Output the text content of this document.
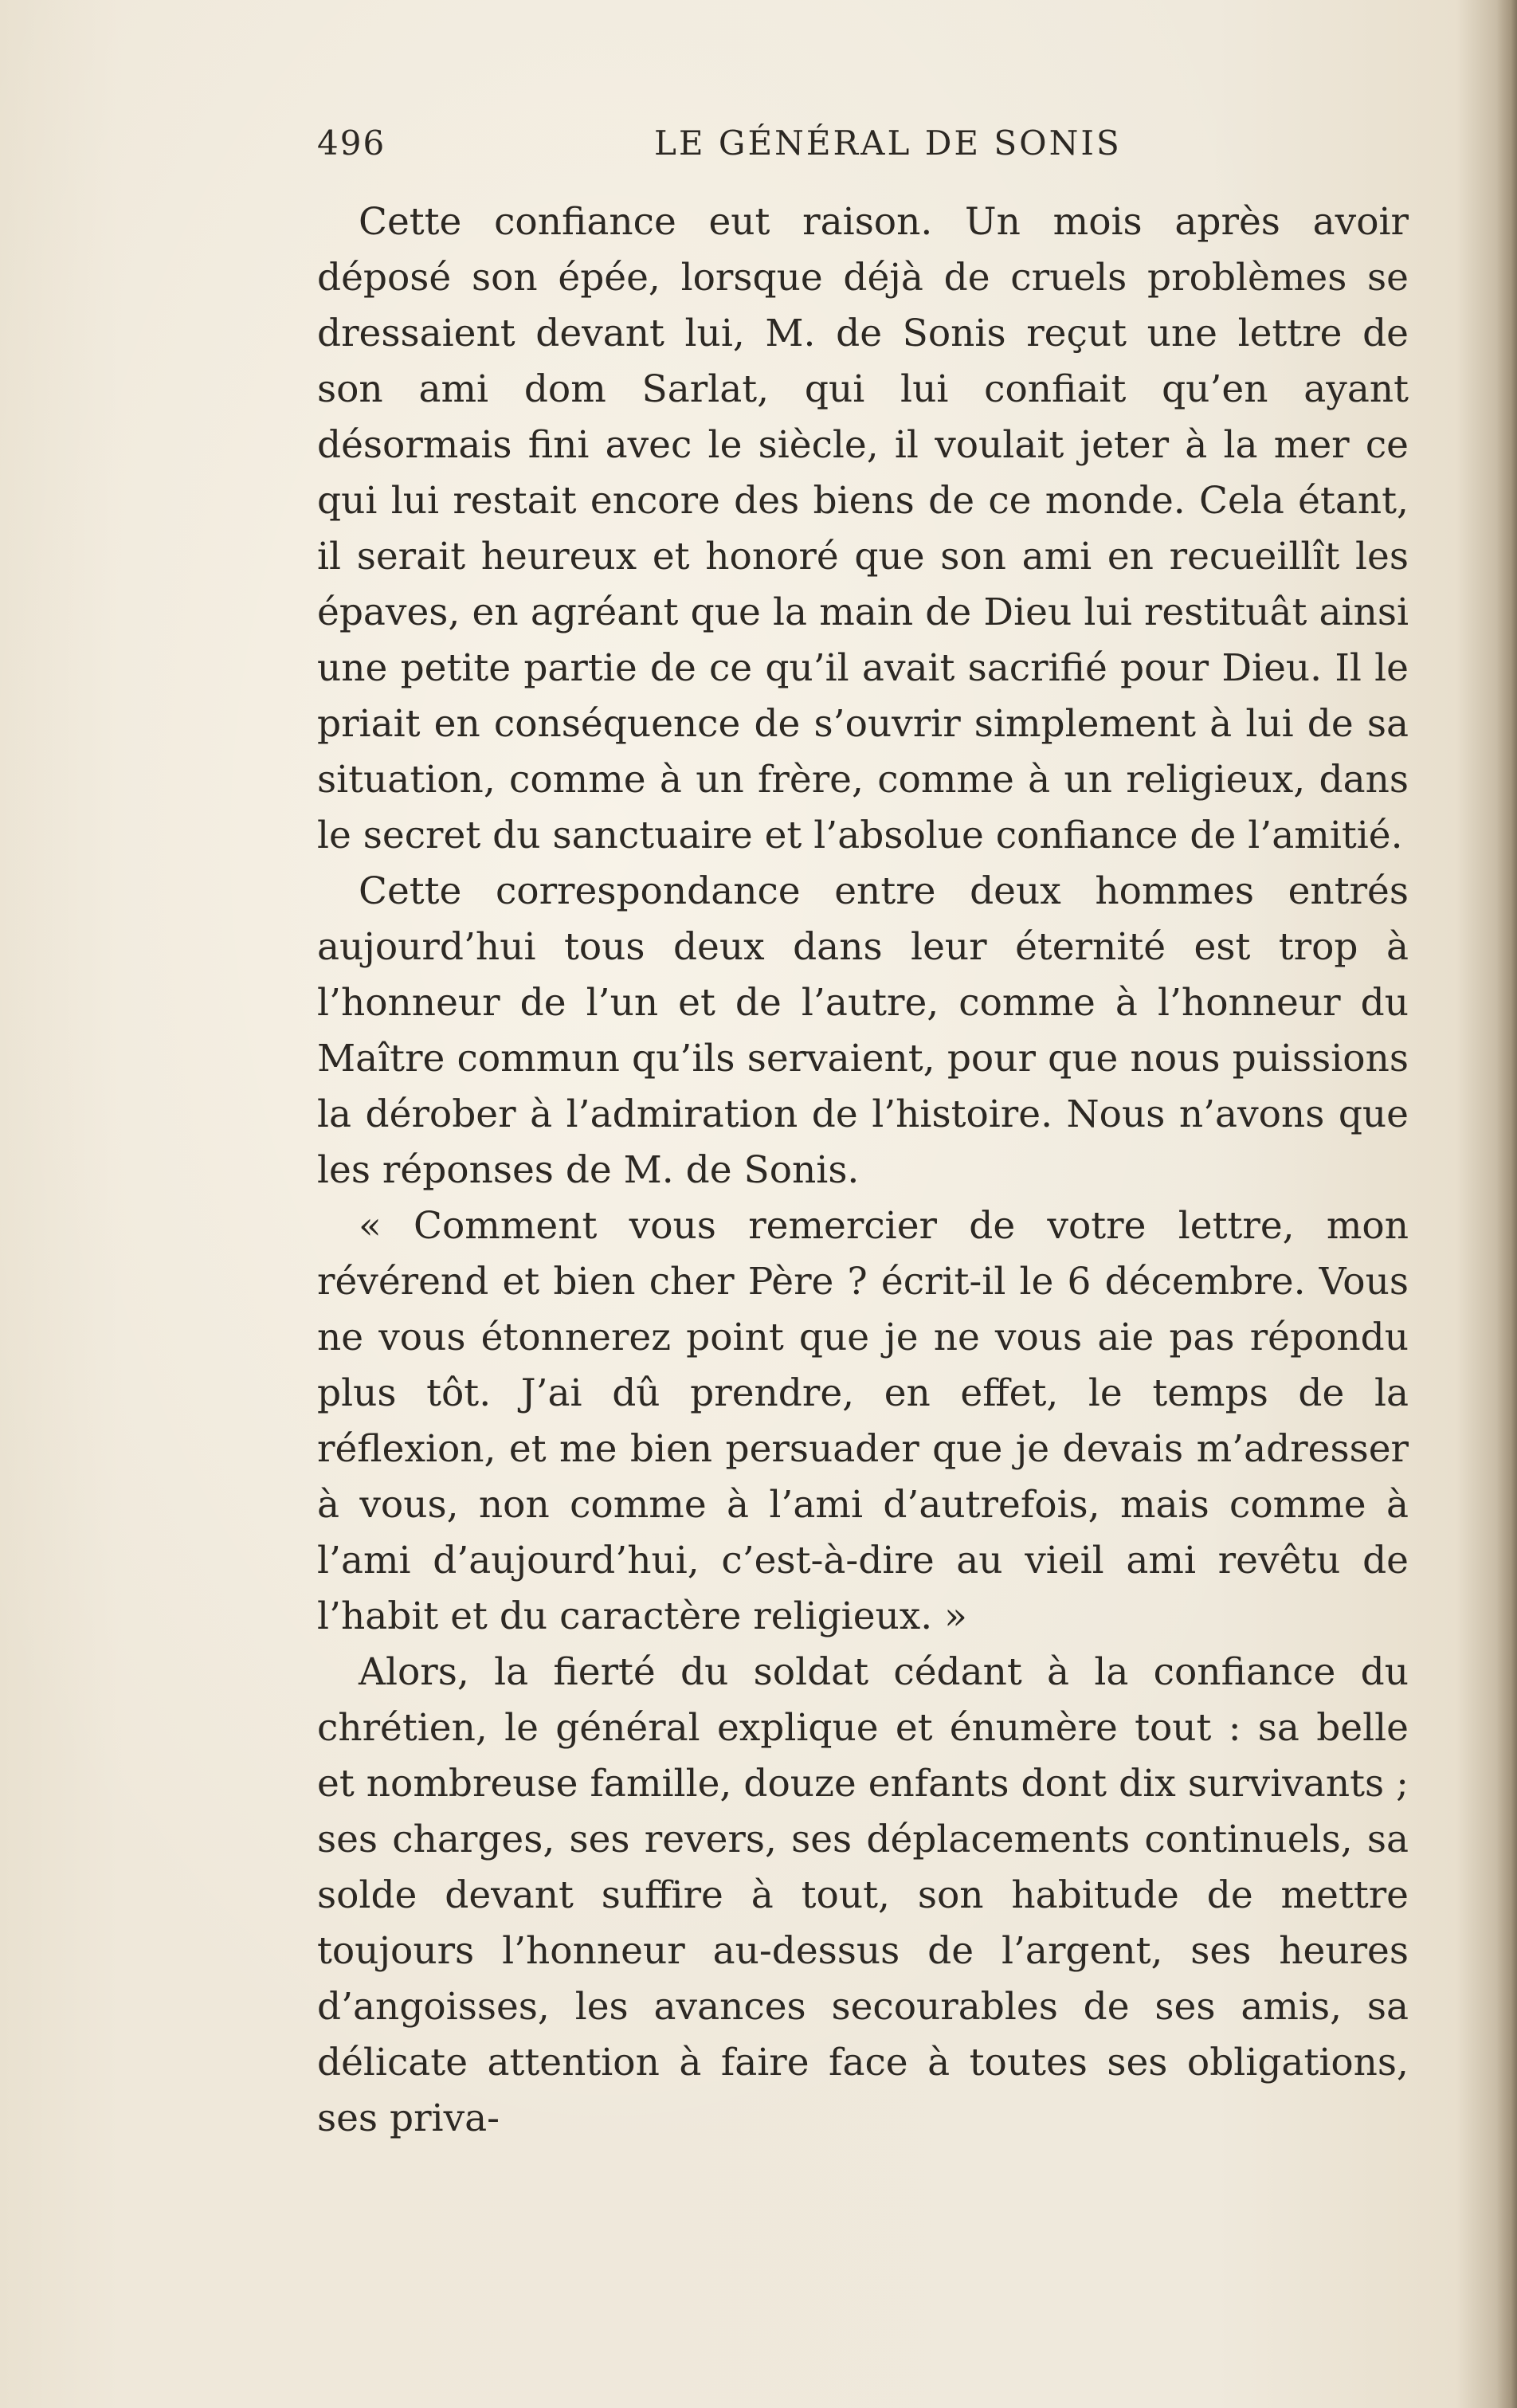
496	LE GÉNÉRAL DE SONIS

Cette confiance eut raison. Un mois après avoir déposé son épée, lorsque déjà de cruels problèmes se dressaient devant lui, M. de Sonis reçut une lettre de son ami dom Sarlat, qui lui confiait qu’en ayant désormais fini avec le siècle, il voulait jeter à la mer ce qui lui restait encore des biens de ce monde. Cela étant, il serait heureux et honoré que son ami en recueillît les épaves, en agréant que la main de Dieu lui restituât ainsi une petite partie de ce qu’il avait sacrifié pour Dieu. Il le priait en conséquence de s’ouvrir simplement à lui de sa situation, comme à un frère, comme à un religieux, dans le secret du sanctuaire et l’absolue confiance de l’amitié.

Cette correspondance entre deux hommes entrés aujourd’hui tous deux dans leur éternité est trop à l’honneur de l’un et de l’autre, comme à l’honneur du Maître commun qu’ils servaient, pour que nous puissions la dérober à l’admiration de l’histoire. Nous n’avons que les réponses de M. de Sonis.

« Comment vous remercier de votre lettre, mon révérend et bien cher Père ? écrit-il le 6 décembre. Vous ne vous étonnerez point que je ne vous aie pas répondu plus tôt. J’ai dû prendre, en effet, le temps de la réflexion, et me bien persuader que je devais m’adresser à vous, non comme à l’ami d’autrefois, mais comme à l’ami d’aujourd’hui, c’est-à-dire au vieil ami revêtu de l’habit et du caractère religieux. »

Alors, la fierté du soldat cédant à la confiance du chrétien, le général explique et énumère tout : sa belle et nombreuse famille, douze enfants dont dix survivants ; ses charges, ses revers, ses déplacements continuels, sa solde devant suffire à tout, son habitude de mettre toujours l’honneur au-dessus de l’argent, ses heures d’angoisses, les avances secourables de ses amis, sa délicate attention à faire face à toutes ses obligations, ses priva-
